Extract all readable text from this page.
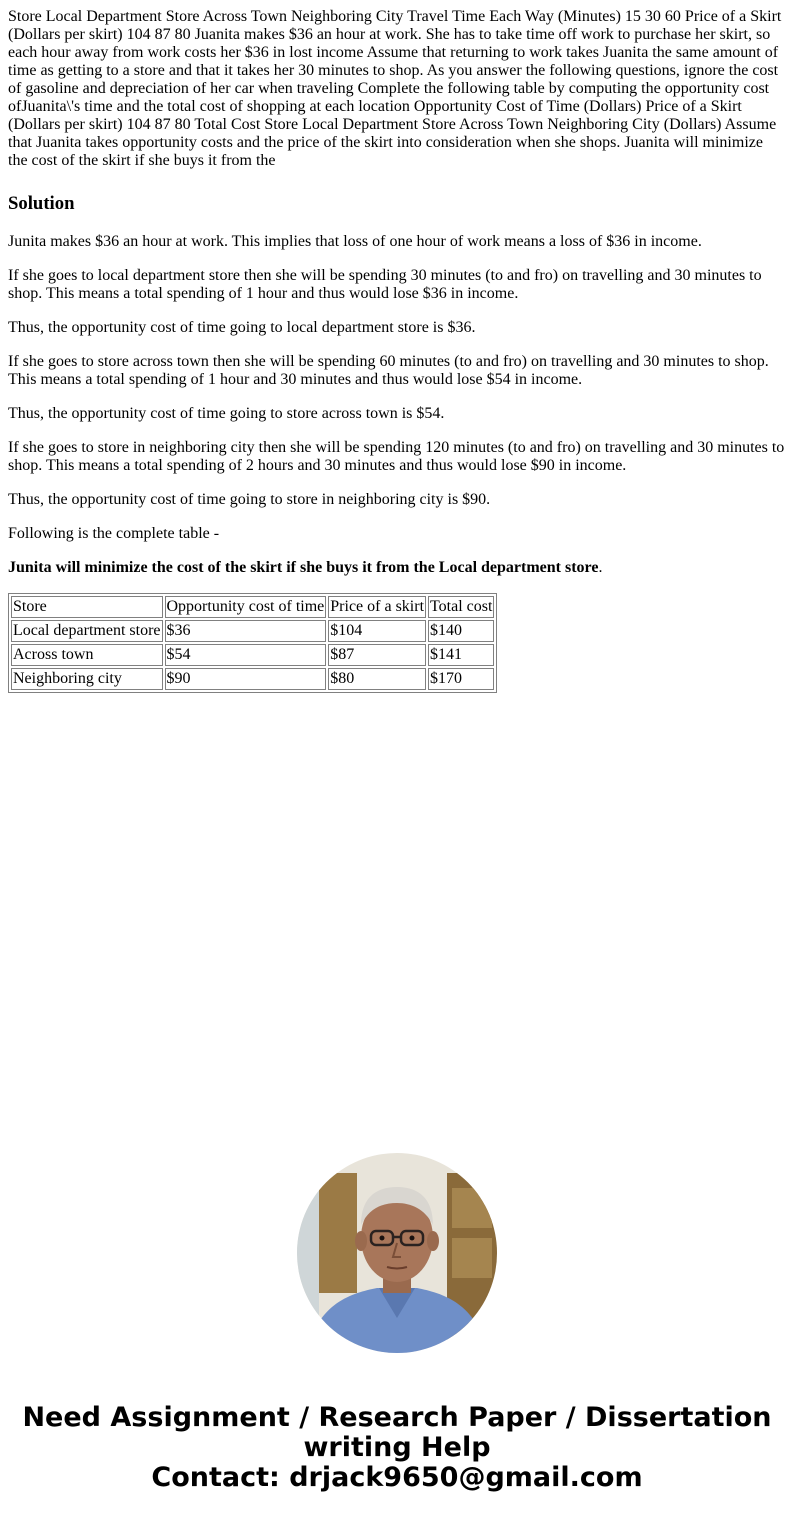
Store Local Department Store Across Town Neighboring City Travel Time Each Way (Minutes) 15 30 60 Price of a Skirt (Dollars per skirt) 104 87 80 Juanita makes $36 an hour at work. She has to take time off work to purchase her skirt, so each hour away from work costs her $36 in lost income Assume that returning to work takes Juanita the same amount of time as getting to a store and that it takes her 30 minutes to shop. As you answer the following questions, ignore the cost of gasoline and depreciation of her car when traveling Complete the following table by computing the opportunity cost ofJuanita\'s time and the total cost of shopping at each location Opportunity Cost of Time (Dollars) Price of a Skirt (Dollars per skirt) 104 87 80 Total Cost Store Local Department Store Across Town Neighboring City (Dollars) Assume that Juanita takes opportunity costs and the price of the skirt into consideration when she shops. Juanita will minimize the cost of the skirt if she buys it from the
Solution

Junita makes $36 an hour at work. This implies that loss of one hour of work means a loss of $36 in income.

If she goes to local department store then she will be spending 30 minutes (to and fro) on travelling and 30 minutes to shop. This means a total spending of 1 hour and thus would lose $36 in income.

Thus, the opportunity cost of time going to local department store is $36.

If she goes to store across town then she will be spending 60 minutes (to and fro) on travelling and 30 minutes to shop. This means a total spending of 1 hour and 30 minutes and thus would lose $54 in income.

Thus, the opportunity cost of time going to store across town is $54.

If she goes to store in neighboring city then she will be spending 120 minutes (to and fro) on travelling and 30 minutes to shop. This means a total spending of 2 hours and 30 minutes and thus would lose $90 in income.

Thus, the opportunity cost of time going to store in neighboring city is $90.

Following is the complete table -

Junita will minimize the cost of the skirt if she buys it from the Local department store.

Store	Opportunity cost of time	Price of a skirt	Total cost
Local department store	$36	$104	$140
Across town	$54	$87	$141
Neighboring city	$90	$80	$170
Need Assignment / Research Paper / Dissertation
writing Help
Contact: drjack9650@gmail.com
